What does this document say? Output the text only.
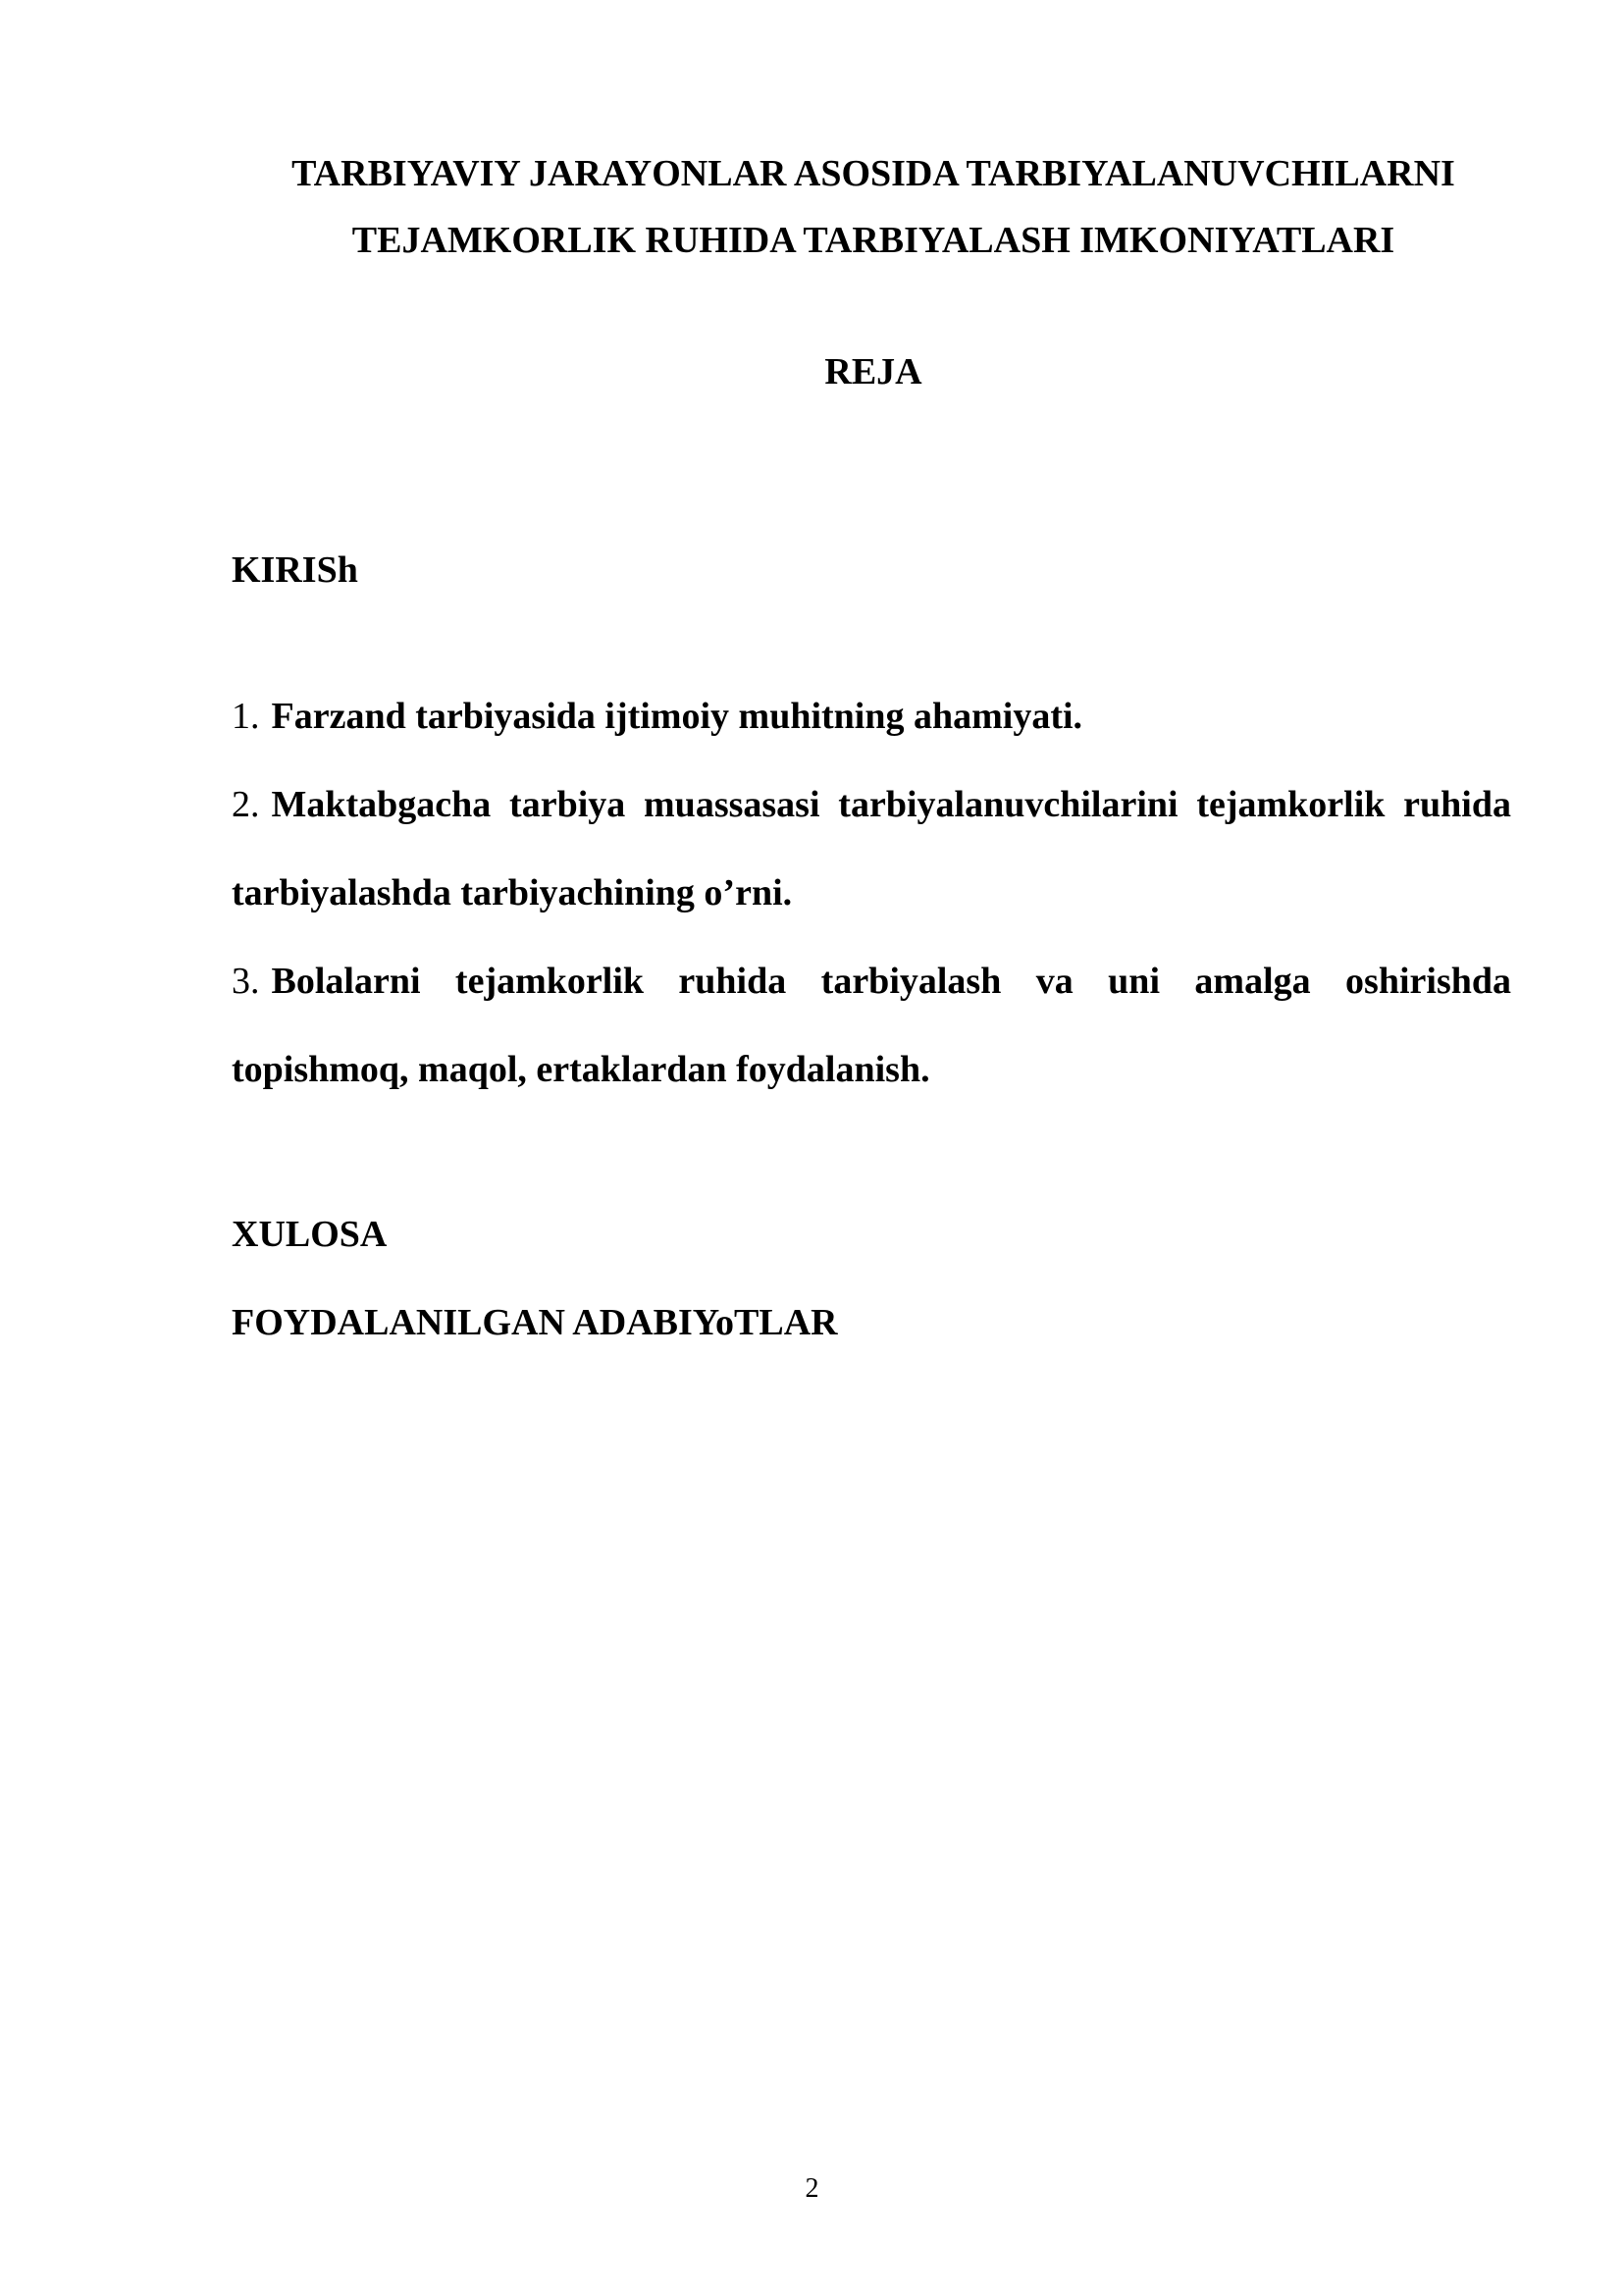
TARBIYAVIY JARAYONLAR ASOSIDA TARBIYALANUVCHILARNI
TEJAMKORLIK RUHIDA TARBIYALASH IMKONIYATLARI
REJA
KIRISh
1. Farzand tarbiyasida ijtimoiy muhitning ahamiyati.
2. Maktabgacha tarbiya muassasasi tarbiyalanuvchilarini tejamkorlik ruhida tarbiyalashda tarbiyachining o’rni.
3. Bolalarni tejamkorlik ruhida tarbiyalash va uni amalga oshirishda topishmoq, maqol, ertaklardan foydalanish.
XULOSA
FOYDALANILGAN ADABIYoTLAR
2
